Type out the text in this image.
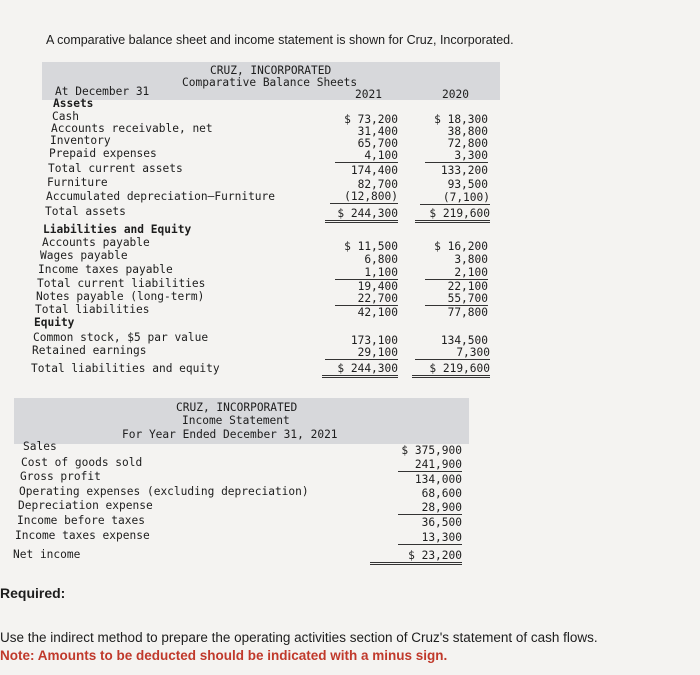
A comparative balance sheet and income statement is shown for Cruz, Incorporated.
CRUZ, INCORPORATED
Comparative Balance Sheets
At December 31	2021	2020
Assets
Cash	$ 73,200	$ 18,300
Accounts receivable, net	31,400	38,800
Inventory	65,700	72,800
Prepaid expenses	4,100	3,300
Total current assets	174,400	133,200
Furniture	82,700	93,500
Accumulated depreciation—Furniture	(12,800)	(7,100)
Total assets	$ 244,300	$ 219,600
Liabilities and Equity
Accounts payable	$ 11,500	$ 16,200
Wages payable	6,800	3,800
Income taxes payable	1,100	2,100
Total current liabilities	19,400	22,100
Notes payable (long-term)	22,700	55,700
Total liabilities	42,100	77,800
Equity
Common stock, $5 par value	173,100	134,500
Retained earnings	29,100	7,300
Total liabilities and equity	$ 244,300	$ 219,600
CRUZ, INCORPORATED
Income Statement
For Year Ended December 31, 2021
Sales	$ 375,900
Cost of goods sold	241,900
Gross profit	134,000
Operating expenses (excluding depreciation)	68,600
Depreciation expense	28,900
Income before taxes	36,500
Income taxes expense	13,300
Net income	$ 23,200
Required:
Use the indirect method to prepare the operating activities section of Cruz's statement of cash flows.
Note: Amounts to be deducted should be indicated with a minus sign.
